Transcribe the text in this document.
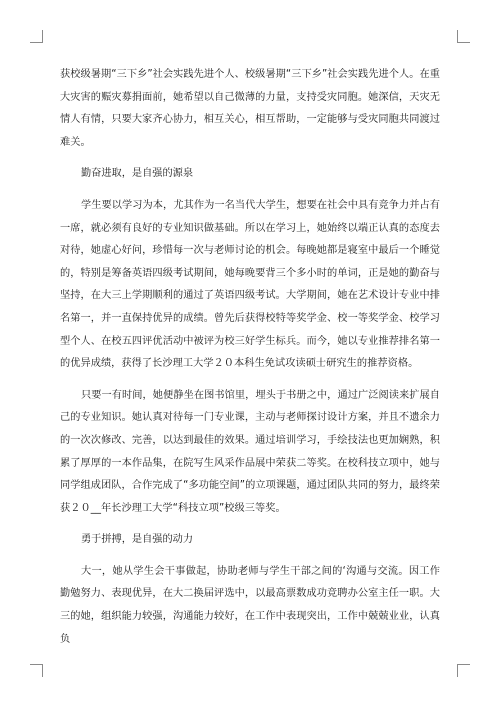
获校级暑期“三下乡”社会实践先进个人、校级暑期“三下乡”社会实践先进个人。在重大灾害的赈灾募捐面前，她希望以自己微薄的力量，支持受灾同胞。她深信，天灾无情人有情，只要大家齐心协力，相互关心，相互帮助，一定能够与受灾同胞共同渡过难关。

勤奋进取，是自强的源泉

学生要以学习为本，尤其作为一名当代大学生，想要在社会中具有竞争力并占有一席，就必须有良好的专业知识做基础。所以在学习上，她始终以端正认真的态度去对待，她虚心好问，珍惜每一次与老师讨论的机会。每晚她都是寝室中最后一个睡觉的，特别是筹备英语四级考试期间，她每晚要背三个多小时的单词，正是她的勤奋与坚持，在大三上学期顺利的通过了英语四级考试。大学期间，她在艺术设计专业中排名第一，并一直保持优异的成绩。曾先后获得校特等奖学金、校一等奖学金、校学习型个人、在校五四评优活动中被评为校三好学生标兵。而今，她以专业推荐排名第一的优异成绩，获得了长沙理工大学２０本科生免试攻读硕士研究生的推荐资格。

只要一有时间，她便静坐在图书馆里，埋头于书册之中，通过广泛阅读来扩展自己的专业知识。她认真对待每一门专业课，主动与老师探讨设计方案，并且不遗余力的一次次修改、完善，以达到最佳的效果。通过培训学习，手绘技法也更加娴熟，积累了厚厚的一本作品集，在院写生风采作品展中荣获二等奖。在校科技立项中，她与同学组成团队，合作完成了“多功能空间”的立项课题，通过团队共同的努力，最终荣获２０__年长沙理工大学“科技立项”校级三等奖。

勇于拼搏，是自强的动力

大一，她从学生会干事做起，协助老师与学生干部之间的‘沟通与交流。因工作勤勉努力、表现优异，在大二换届评选中，以最高票数成功竞聘办公室主任一职。大三的她，组织能力较强，沟通能力较好，在工作中表现突出，工作中兢兢业业，认真负
